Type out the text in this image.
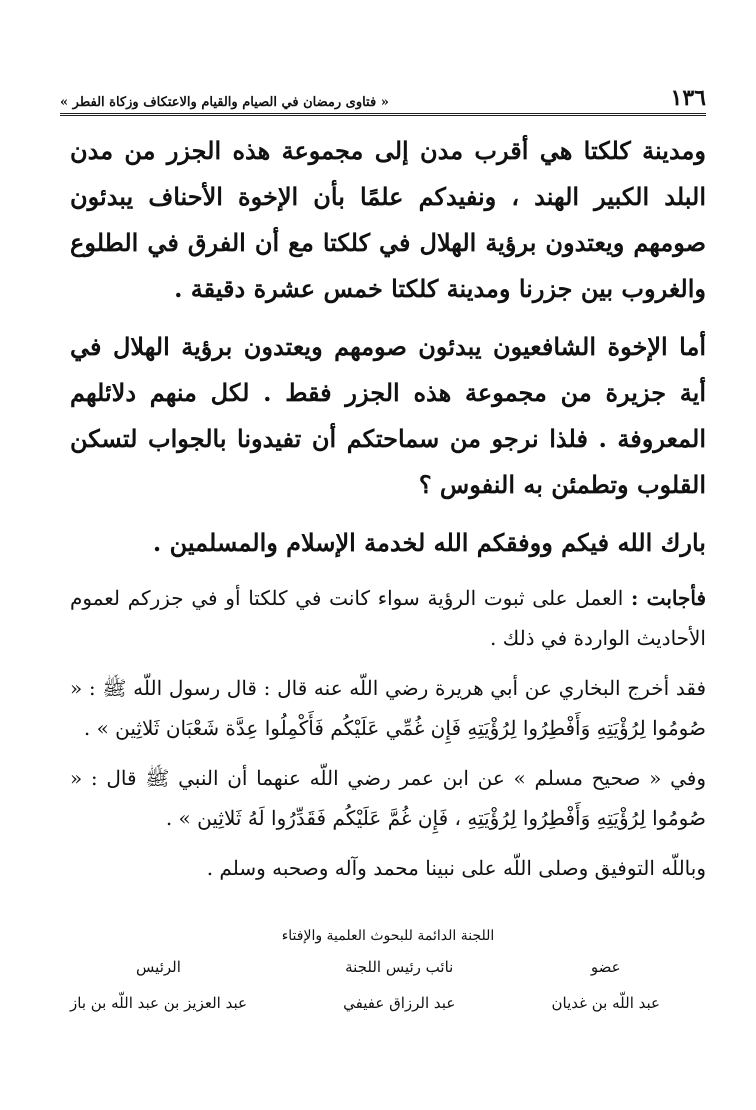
١٣٦
« فتاوى رمضان في الصيام والقيام والاعتكاف وزكاة الفطر »

ومدينة كلكتا هي أقرب مدن إلى مجموعة هذه الجزر من مدن البلد الكبير الهند ، ونفيدكم علمًا بأن الإخوة الأحناف يبدئون صومهم ويعتدون برؤية الهلال في كلكتا مع أن الفرق في الطلوع والغروب بين جزرنا ومدينة كلكتا خمس عشرة دقيقة .

أما الإخوة الشافعيون يبدئون صومهم ويعتدون برؤية الهلال في أية جزيرة من مجموعة هذه الجزر فقط . لكل منهم دلائلهم المعروفة . فلذا نرجو من سماحتكم أن تفيدونا بالجواب لتسكن القلوب وتطمئن به النفوس ؟

بارك الله فيكم ووفقكم الله لخدمة الإسلام والمسلمين .

فأجابت : العمل على ثبوت الرؤية سواء كانت في كلكتا أو في جزركم لعموم الأحاديث الواردة في ذلك .

فقد أخرج البخاري عن أبي هريرة رضي اللّه عنه قال : قال رسول اللّه ﷺ : « صُومُوا لِرُؤْيَتِهِ وَأَفْطِرُوا لِرُؤْيَتِهِ فَإِن غُمِّي عَلَيْكُم فَأَكْمِلُوا عِدَّة شَعْبَان ثَلاثِين » .

وفي « صحيح مسلم » عن ابن عمر رضي اللّه عنهما أن النبي ﷺ قال : « صُومُوا لِرُؤْيَتِهِ وَأَفْطِرُوا لِرُؤْيَتِهِ ، فَإِن غُمَّ عَلَيْكُم فَقَدِّرُوا لَهُ ثَلاثِين » .

وباللّه التوفيق وصلى اللّه على نبينا محمد وآله وصحبه وسلم .

اللجنة الدائمة للبحوث العلمية والإفتاء
عضو
عبد اللّه بن غديان
نائب رئيس اللجنة
عبد الرزاق عفيفي
الرئيس
عبد العزيز بن عبد اللّه بن باز
